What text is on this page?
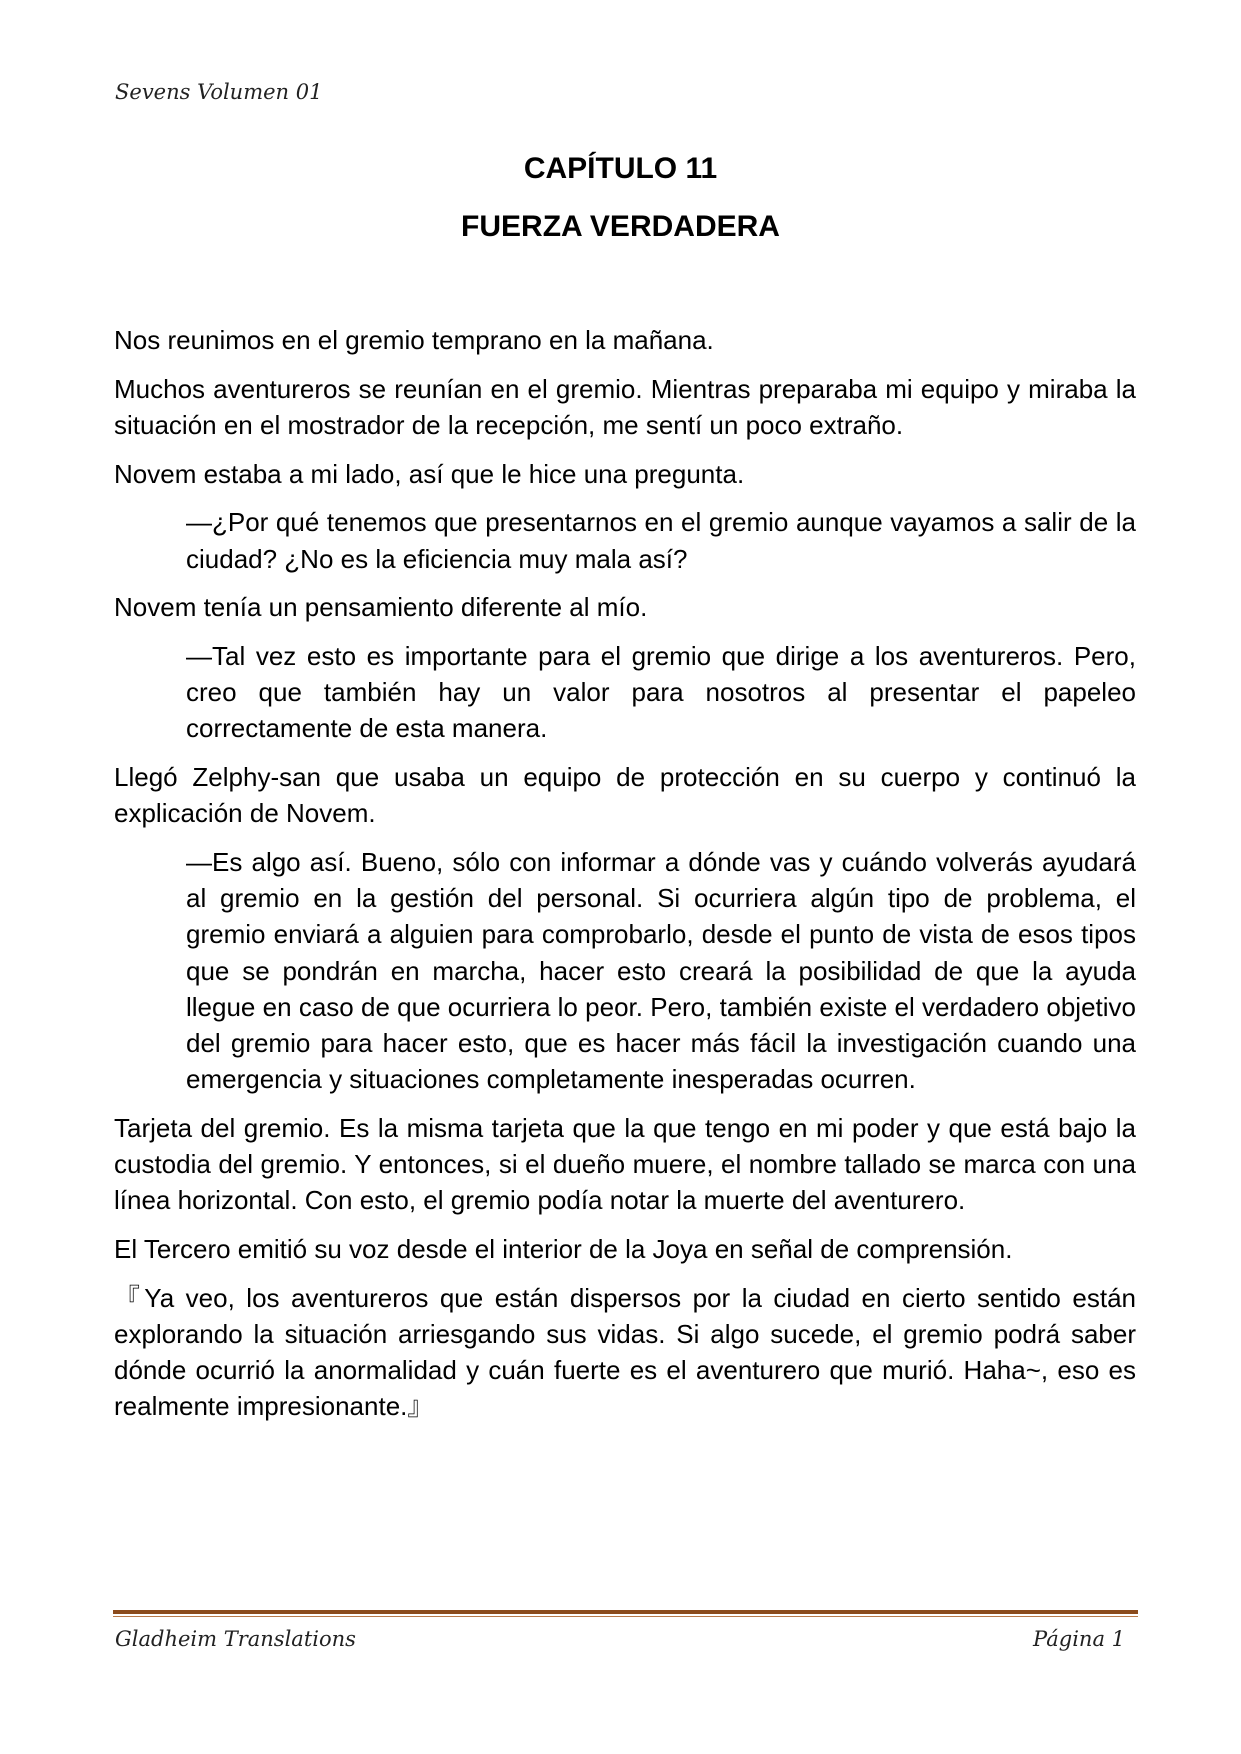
Sevens Volumen 01
CAPÍTULO 11
FUERZA VERDADERA

Nos reunimos en el gremio temprano en la mañana.

Muchos aventureros se reunían en el gremio. Mientras preparaba mi equipo y miraba la situación en el mostrador de la recepción, me sentí un poco extraño.

Novem estaba a mi lado, así que le hice una pregunta.

—¿Por qué tenemos que presentarnos en el gremio aunque vayamos a salir de la ciudad? ¿No es la eficiencia muy mala así?

Novem tenía un pensamiento diferente al mío.

—Tal vez esto es importante para el gremio que dirige a los aventureros. Pero, creo que también hay un valor para nosotros al presentar el papeleo correctamente de esta manera.

Llegó Zelphy-san que usaba un equipo de protección en su cuerpo y continuó la explicación de Novem.

—Es algo así. Bueno, sólo con informar a dónde vas y cuándo volverás ayudará al gremio en la gestión del personal. Si ocurriera algún tipo de problema, el gremio enviará a alguien para comprobarlo, desde el punto de vista de esos tipos que se pondrán en marcha, hacer esto creará la posibilidad de que la ayuda llegue en caso de que ocurriera lo peor. Pero, también existe el verdadero objetivo del gremio para hacer esto, que es hacer más fácil la investigación cuando una emergencia y situaciones completamente inesperadas ocurren.

Tarjeta del gremio. Es la misma tarjeta que la que tengo en mi poder y que está bajo la custodia del gremio. Y entonces, si el dueño muere, el nombre tallado se marca con una línea horizontal. Con esto, el gremio podía notar la muerte del aventurero.

El Tercero emitió su voz desde el interior de la Joya en señal de comprensión.

『Ya veo, los aventureros que están dispersos por la ciudad en cierto sentido están explorando la situación arriesgando sus vidas. Si algo sucede, el gremio podrá saber dónde ocurrió la anormalidad y cuán fuerte es el aventurero que murió. Haha~, eso es realmente impresionante.』

Gladheim Translations	Página 1
